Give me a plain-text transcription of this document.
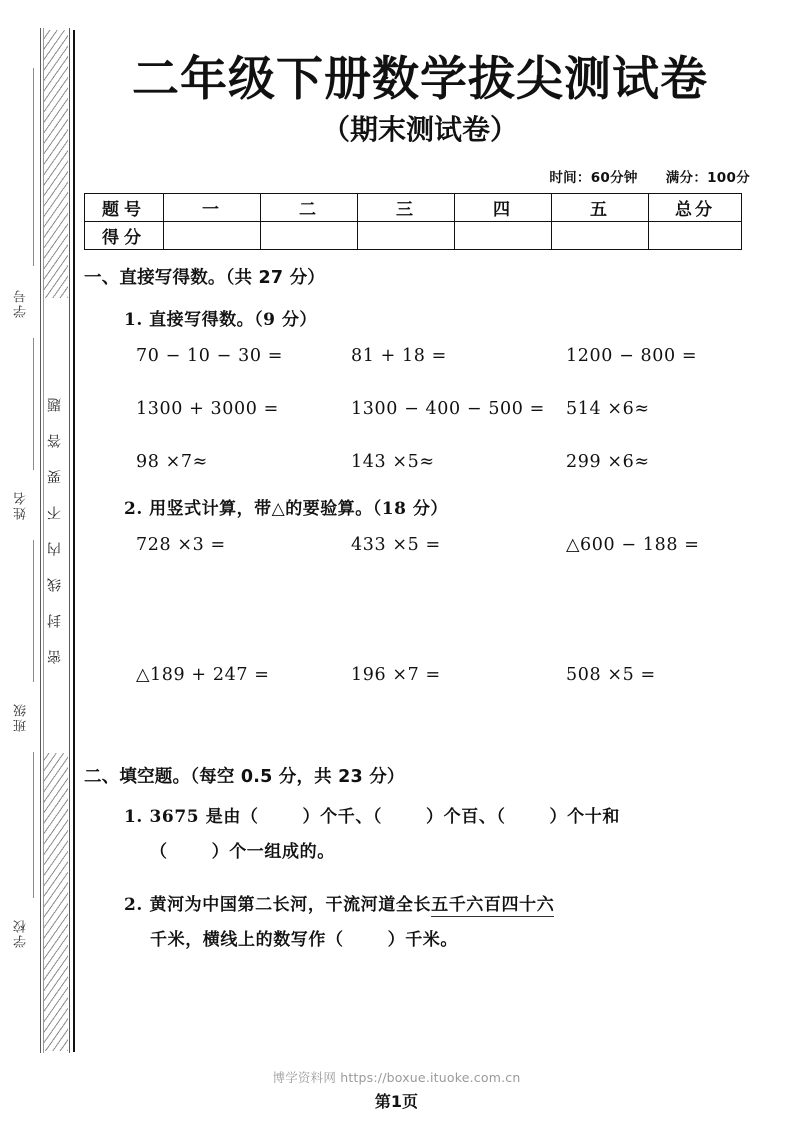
学号
姓名
班级
学校
密封线内不要答题
二年级下册数学拔尖测试卷
（期末测试卷）
时间：60分钟 满分：100分
题号	一	二	三	四	五	总分
得分						
一、直接写得数。（共 27 分）
1. 直接写得数。（9 分）
70 − 10 − 30 =	81 + 18 =	1200 − 800 =
1300 + 3000 =	1300 − 400 − 500 =	514 ×6≈
98 ×7≈	143 ×5≈	299 ×6≈
2. 用竖式计算，带△的要验算。（18 分）
728 ×3 =	433 ×5 =	△600 − 188 =
△189 + 247 =	196 ×7 =	508 ×5 =
二、填空题。（每空 0.5 分，共 23 分）
1. 3675 是由（	）个千、（	）个百、（	）个十和
（	）个一组成的。
2. 黄河为中国第二长河，干流河道全长五千六百四十六
千米，横线上的数写作（	）千米。
博学资料网 https://boxue.ituoke.com.cn
第1页
